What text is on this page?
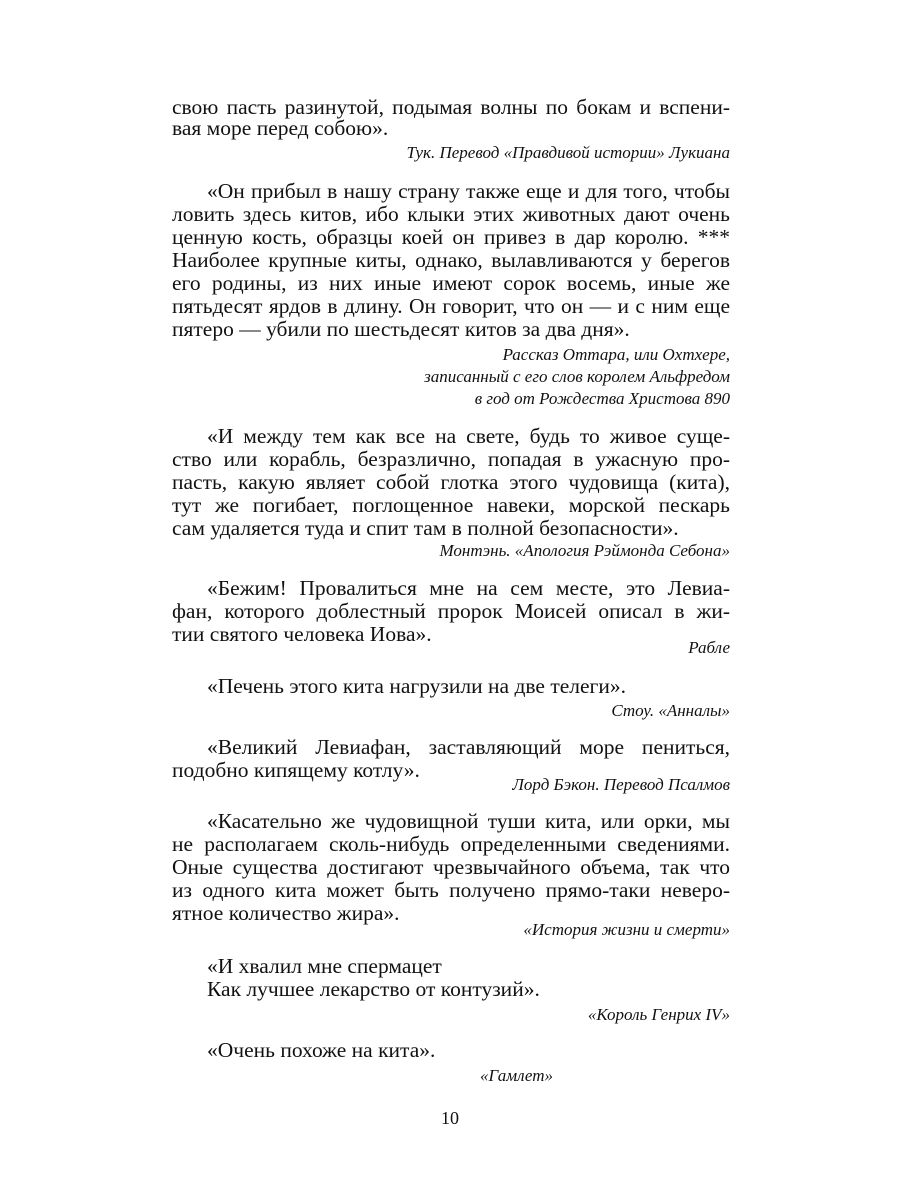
свою пасть разинутой, подымая волны по бокам и вспени-
вая море перед собою».
Тук. Перевод «Правдивой истории» Лукиана
«Он прибыл в нашу страну также еще и для того, чтобы
ловить здесь китов, ибо клыки этих животных дают очень
ценную кость, образцы коей он привез в дар королю. ***
Наиболее крупные киты, однако, вылавливаются у берегов
его родины, из них иные имеют сорок восемь, иные же
пятьдесят ярдов в длину. Он говорит, что он — и с ним еще
пятеро — убили по шестьдесят китов за два дня».
Рассказ Оттара, или Охтхере,
записанный с его слов королем Альфредом
в год от Рождества Христова 890
«И между тем как все на свете, будь то живое суще-
ство или корабль, безразлично, попадая в ужасную про-
пасть, какую являет собой глотка этого чудовища (кита),
тут же погибает, поглощенное навеки, морской пескарь
сам удаляется туда и спит там в полной безопасности».
Монтэнь. «Апология Рэймонда Себона»
«Бежим! Провалиться мне на сем месте, это Левиа-
фан, которого доблестный пророк Моисей описал в жи-
тии святого человека Иова».
Рабле
«Печень этого кита нагрузили на две телеги».
Стоу. «Анналы»
«Великий Левиафан, заставляющий море пениться,
подобно кипящему котлу».
Лорд Бэкон. Перевод Псалмов
«Касательно же чудовищной туши кита, или орки, мы
не располагаем сколь-нибудь определенными сведениями.
Оные существа достигают чрезвычайного объема, так что
из одного кита может быть получено прямо-таки неверо-
ятное количество жира».
«История жизни и смерти»
«И хвалил мне спермацет
Как лучшее лекарство от контузий».
«Король Генрих IV»
«Очень похоже на кита».
«Гамлет»
10
